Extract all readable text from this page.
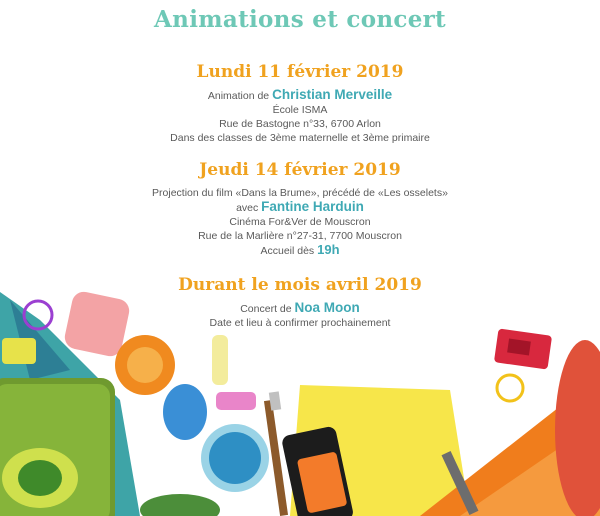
Animations et concert
Lundi 11 février 2019
Animation de Christian Merveille
École ISMA
Rue de Bastogne n°33, 6700 Arlon
Dans des classes de 3ème maternelle et 3ème primaire
Jeudi 14 février 2019
Projection du film «Dans la Brume», précédé de «Les osselets»
avec Fantine Harduin
Cinéma For&Ver de Mouscron
Rue de la Marlière n°27-31, 7700 Mouscron
Accueil dès 19h
Durant le mois avril 2019
Concert de Noa Moon
Date et lieu à confirmer prochainement
